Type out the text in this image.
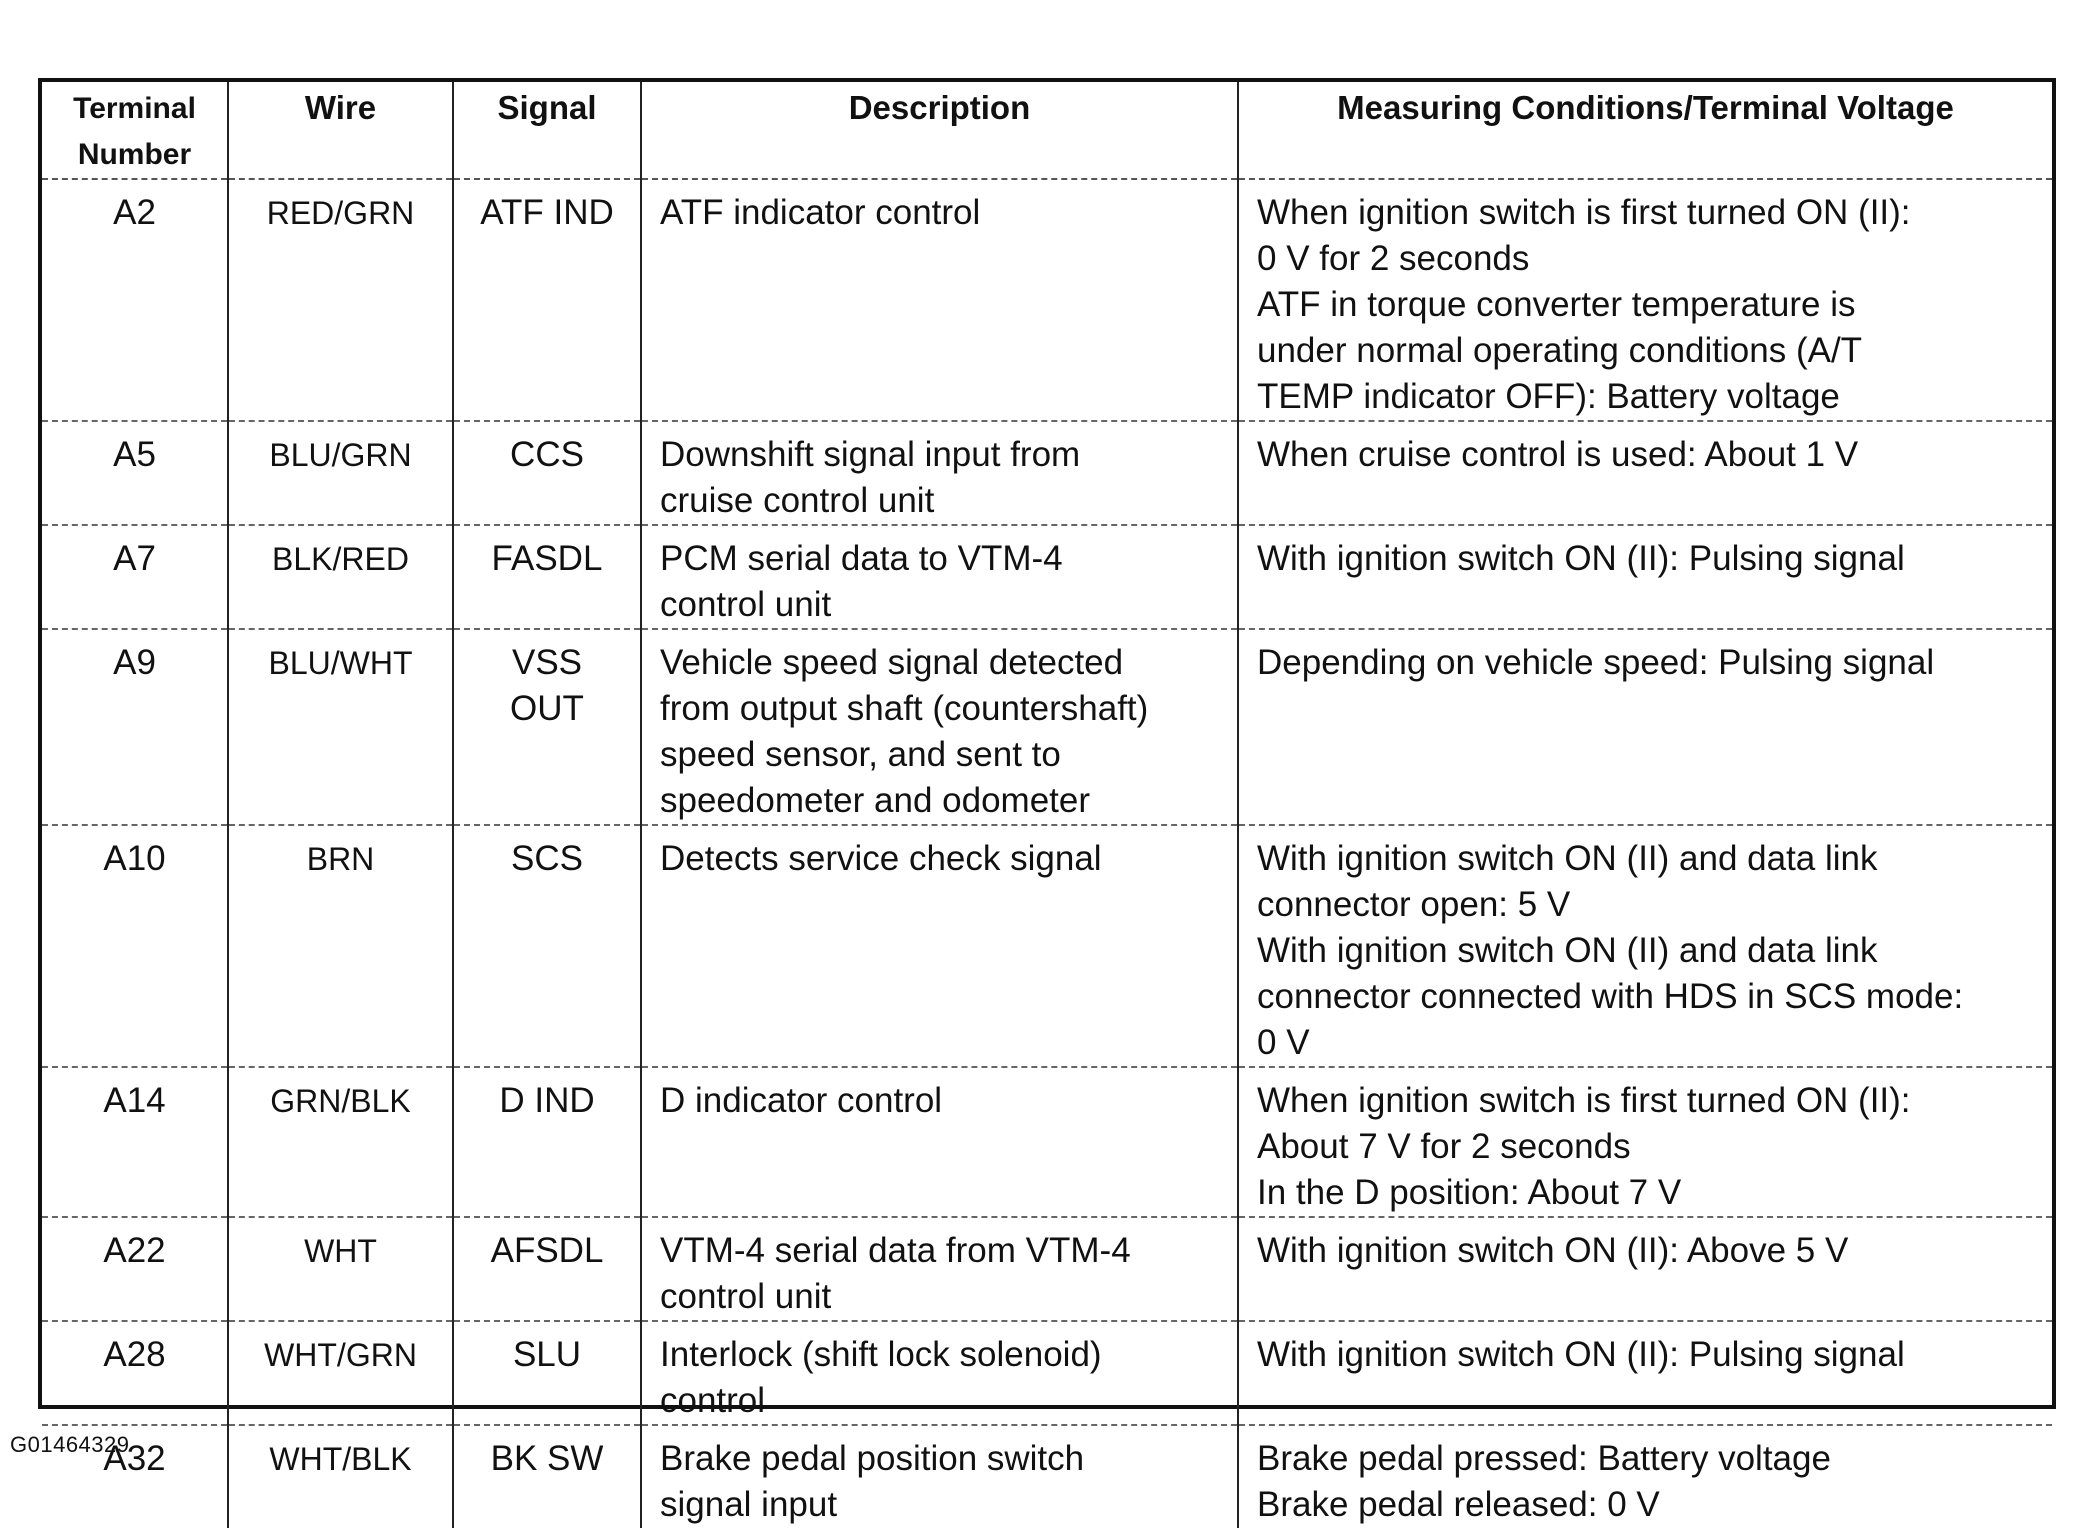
Terminal
Number	Wire	Signal	Description	Measuring Conditions/Terminal Voltage
A2	RED/GRN	ATF IND	ATF indicator control	When ignition switch is first turned ON (II):
0 V for 2 seconds
ATF in torque converter temperature is
under normal operating conditions (A/T
TEMP indicator OFF): Battery voltage

A5	BLU/GRN	CCS	Downshift signal input from
cruise control unit	When cruise control is used: About 1 V

A7	BLK/RED	FASDL	PCM serial data to VTM-4
control unit	With ignition switch ON (II): Pulsing signal

A9	BLU/WHT	VSS
OUT	Vehicle speed signal detected
from output shaft (countershaft)
speed sensor, and sent to
speedometer and odometer	Depending on vehicle speed: Pulsing signal

A10	BRN	SCS	Detects service check signal	With ignition switch ON (II) and data link
connector open: 5 V
With ignition switch ON (II) and data link
connector connected with HDS in SCS mode:
0 V

A14	GRN/BLK	D IND	D indicator control	When ignition switch is first turned ON (II):
About 7 V for 2 seconds
In the D position: About 7 V

A22	WHT	AFSDL	VTM-4 serial data from VTM-4
control unit	With ignition switch ON (II): Above 5 V

A28	WHT/GRN	SLU	Interlock (shift lock solenoid)
control	With ignition switch ON (II): Pulsing signal

A32	WHT/BLK	BK SW	Brake pedal position switch
signal input	Brake pedal pressed: Battery voltage
Brake pedal released: 0 V
G01464329
